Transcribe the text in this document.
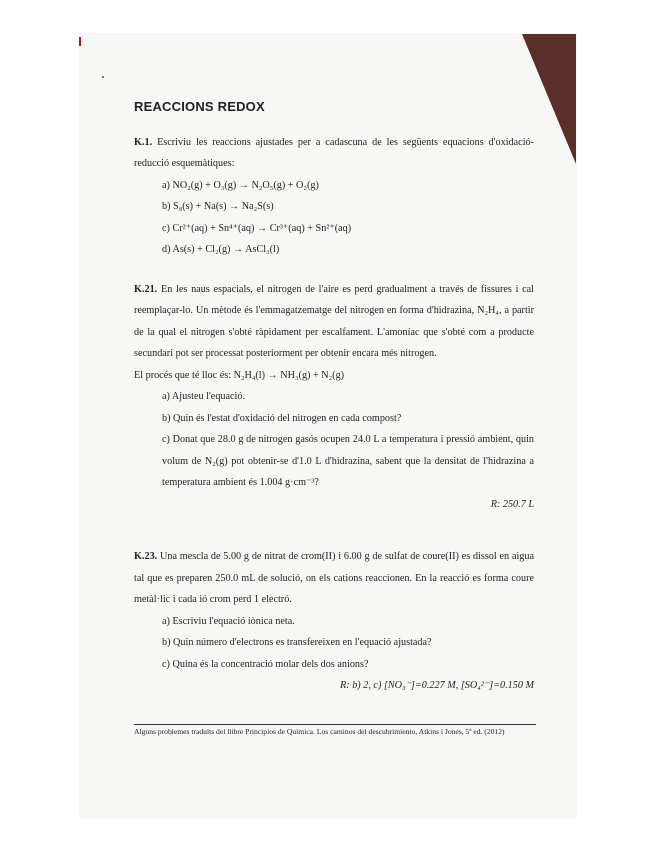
REACCIONS REDOX

K.1. Escriviu les reaccions ajustades per a cadascuna de les següents equacions d'oxidació-reducció esquemàtiques:

a) NO₂(g) + O₃(g) → N₂O₅(g) + O₂(g)
b) S₈(s) + Na(s) → Na₂S(s)
c) Cr²⁺(aq) + Sn⁴⁺(aq) → Cr³⁺(aq) + Sn²⁺(aq)
d) As(s) + Cl₂(g) → AsCl₃(l)

K.21. En les naus espacials, el nitrogen de l'aire es perd gradualment a través de fissures i cal reemplaçar-lo. Un mètode és l'emmagatzematge del nitrogen en forma d'hidrazina, N₂H₄, a partir de la qual el nitrogen s'obté ràpidament per escalfament. L'amoníac que s'obté com a producte secundari pot ser processat posteriorment per obtenir encara més nitrogen.

El procés que té lloc és: N₂H₄(l) → NH₃(g) + N₂(g)

a) Ajusteu l'equació.
b) Quin és l'estat d'oxidació del nitrogen en cada compost?

c) Donat que 28.0 g de nitrogen gasós ocupen 24.0 L a temperatura i pressió ambient, quin volum de N₂(g) pot obtenir-se d'1.0 L d'hidrazina, sabent que la densitat de l'hidrazina a temperatura ambient és 1.004 g·cm⁻³?

R: 250.7 L

K.23. Una mescla de 5.00 g de nitrat de crom(II) i 6.00 g de sulfat de coure(II) es dissol en aigua tal que es preparen 250.0 mL de solució, on els cations reaccionen. En la reacció es forma coure metàl·lic i cada ió crom perd 1 electró.

a) Escriviu l'equació iònica neta.
b) Quin número d'electrons es transfereixen en l'equació ajustada?
c) Quina és la concentració molar dels dos anions?
R: b) 2, c) [NO₃⁻]=0.227 M, [SO₄²⁻]=0.150 M
Alguns problemes traduïts del llibre Principios de Química. Los caminos del descubrimiento, Atkins i Jones, 5ª ed. (2012)
